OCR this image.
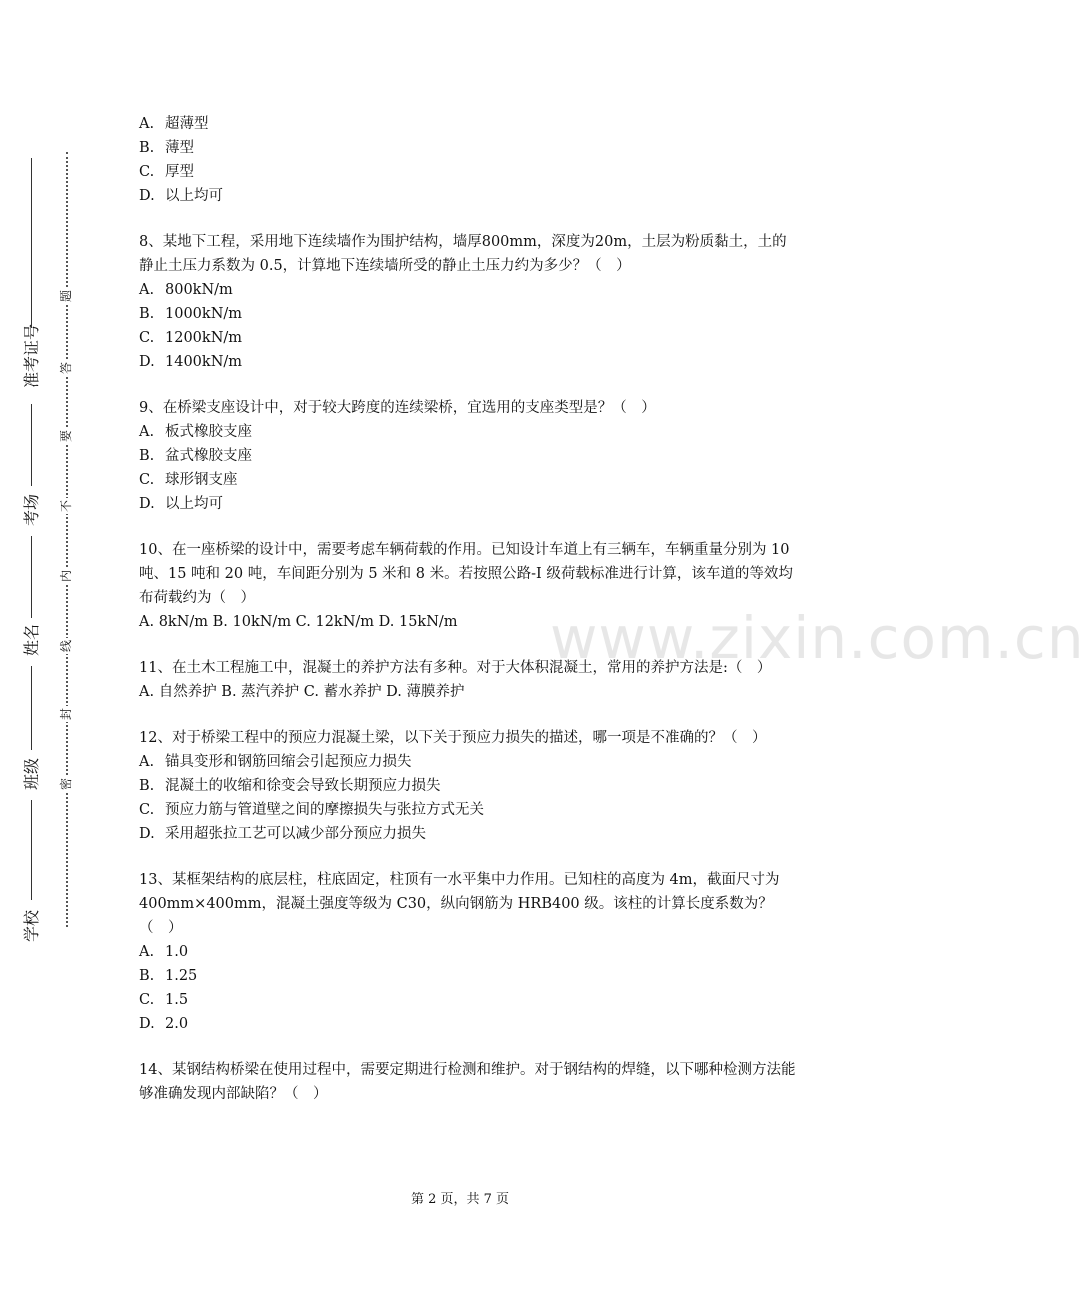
准考证号
考场
姓名
班级
学校
题
答
要
不
内
线
封
密
www.zixin.com.cn

A. 超薄型

B. 薄型

C. 厚型

D. 以上均可

8、某地下工程，采用地下连续墙作为围护结构，墙厚800mm，深度为20m，土层为粉质黏土，土的静止土压力系数为 0.5，计算地下连续墙所受的静止土压力约为多少？（　）

A. 800kN/m

B. 1000kN/m

C. 1200kN/m

D. 1400kN/m

9、在桥梁支座设计中，对于较大跨度的连续梁桥，宜选用的支座类型是？（　）

A. 板式橡胶支座

B. 盆式橡胶支座

C. 球形钢支座

D. 以上均可

10、在一座桥梁的设计中，需要考虑车辆荷载的作用。已知设计车道上有三辆车，车辆重量分别为 10 吨、15 吨和 20 吨，车间距分别为 5 米和 8 米。若按照公路-I 级荷载标准进行计算，该车道的等效均布荷载约为（　）

A. 8kN/m B. 10kN/m C. 12kN/m D. 15kN/m

11、在土木工程施工中，混凝土的养护方法有多种。对于大体积混凝土，常用的养护方法是:（　）

A. 自然养护 B. 蒸汽养护 C. 蓄水养护 D. 薄膜养护

12、对于桥梁工程中的预应力混凝土梁，以下关于预应力损失的描述，哪一项是不准确的？（　）

A. 锚具变形和钢筋回缩会引起预应力损失

B. 混凝土的收缩和徐变会导致长期预应力损失

C. 预应力筋与管道壁之间的摩擦损失与张拉方式无关

D. 采用超张拉工艺可以减少部分预应力损失

13、某框架结构的底层柱，柱底固定，柱顶有一水平集中力作用。已知柱的高度为 4m，截面尺寸为 400mm×400mm，混凝土强度等级为 C30，纵向钢筋为 HRB400 级。该柱的计算长度系数为？（　）

A. 1.0

B. 1.25

C. 1.5

D. 2.0

14、某钢结构桥梁在使用过程中，需要定期进行检测和维护。对于钢结构的焊缝，以下哪种检测方法能够准确发现内部缺陷？（　）

第 2 页，共 7 页
